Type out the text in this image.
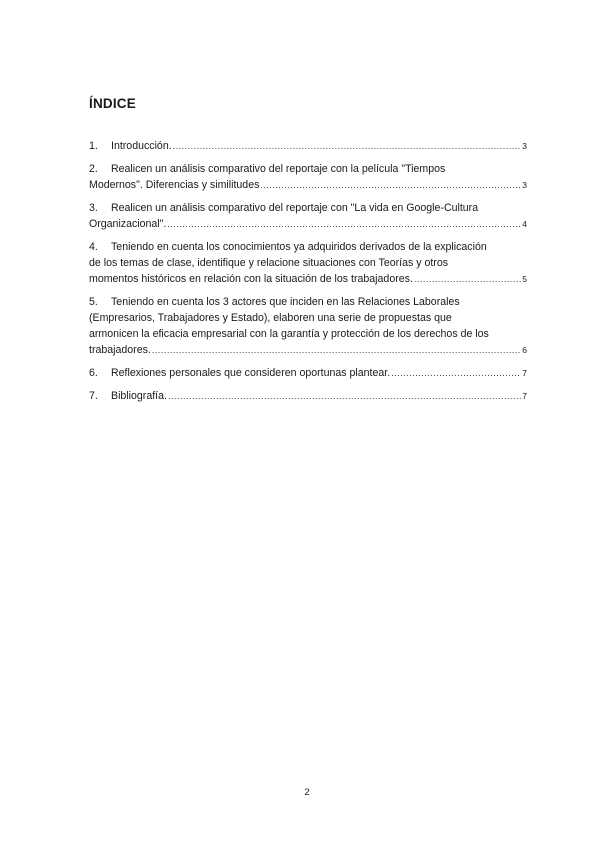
ÍNDICE
1. Introducción. .....	3
2. Realicen un análisis comparativo del reportaje con la película "Tiempos
Modernos". Diferencias y similitudes .....	3
3. Realicen un análisis comparativo del reportaje con "La vida en Google-Cultura
Organizacional". .....	4
4. Teniendo en cuenta los conocimientos ya adquiridos derivados de la explicación
de los temas de clase, identifique y relacione situaciones con Teorías y otros
momentos históricos en relación con la situación de los trabajadores. .....	5
5. Teniendo en cuenta los 3 actores que inciden en las Relaciones Laborales
(Empresarios, Trabajadores y Estado), elaboren una serie de propuestas que
armonicen la eficacia empresarial con la garantía y protección de los derechos de los
trabajadores. .....	6
6. Reflexiones personales que consideren oportunas plantear. .....	7
7. Bibliografía. .....	7
2
